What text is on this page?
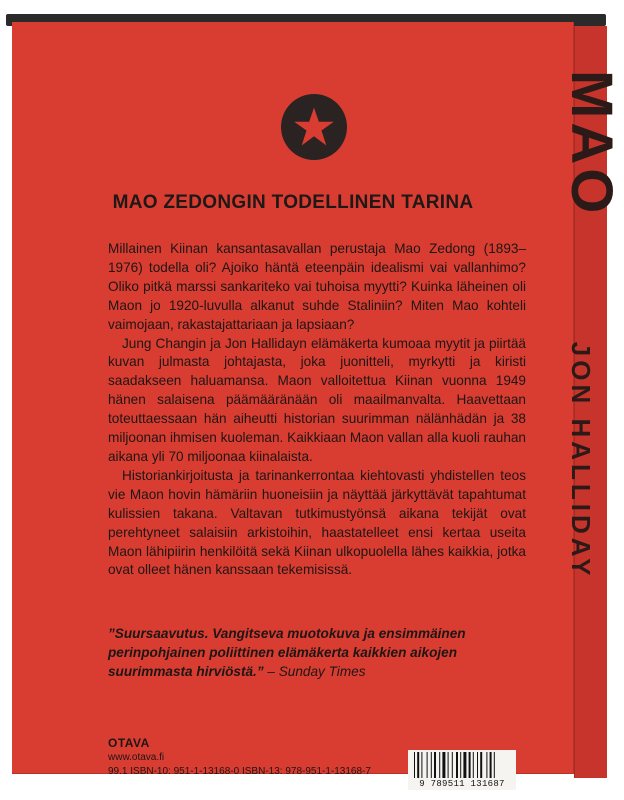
MAO ZEDONGIN TODELLINEN TARINA

Millainen Kiinan kansantasavallan perustaja Mao Zedong (1893–1976) todella oli? Ajoiko häntä eteenpäin idealismi vai vallanhimo? Oliko pitkä marssi sankariteko vai tuhoisa myytti? Kuinka läheinen oli Maon jo 1920-luvulla alkanut suhde Staliniin? Miten Mao kohteli vaimojaan, rakastajattariaan ja lapsiaan?

Jung Changin ja Jon Hallidayn elämäkerta kumoaa myytit ja piirtää kuvan julmasta johtajasta, joka juonitteli, myrkytti ja kiristi saadakseen haluamansa. Maon valloitettua Kiinan vuonna 1949 hänen salaisena päämääränään oli maailmanvalta. Haavettaan toteuttaessaan hän aiheutti historian suurimman nälänhädän ja 38 miljoonan ihmisen kuoleman. Kaikkiaan Maon vallan alla kuoli rauhan aikana yli 70 miljoonaa kiinalaista.

Historiankirjoitusta ja tarinankerrontaa kiehtovasti yhdistellen teos vie Maon hovin hämäriin huoneisiin ja näyttää järkyttävät tapahtumat kulissien takana. Valtavan tutkimustyönsä aikana tekijät ovat perehtyneet salaisiin arkistoihin, haastatelleet ensi kertaa useita Maon lähipiirin henkilöitä sekä Kiinan ulkopuolella lähes kaikkia, jotka ovat olleet hänen kanssaan tekemisissä.

”Suursaavutus. Vangitseva muotokuva ja ensimmäinen perinpohjainen poliittinen elämäkerta kaikkien aikojen suurimmasta hirviöstä.” – Sunday Times
OTAVA
www.otava.fi
99.1 ISBN-10: 951-1-13168-0 ISBN-13: 978-951-1-13168-7
9 789511 131687
MAO JON HALLIDAY
